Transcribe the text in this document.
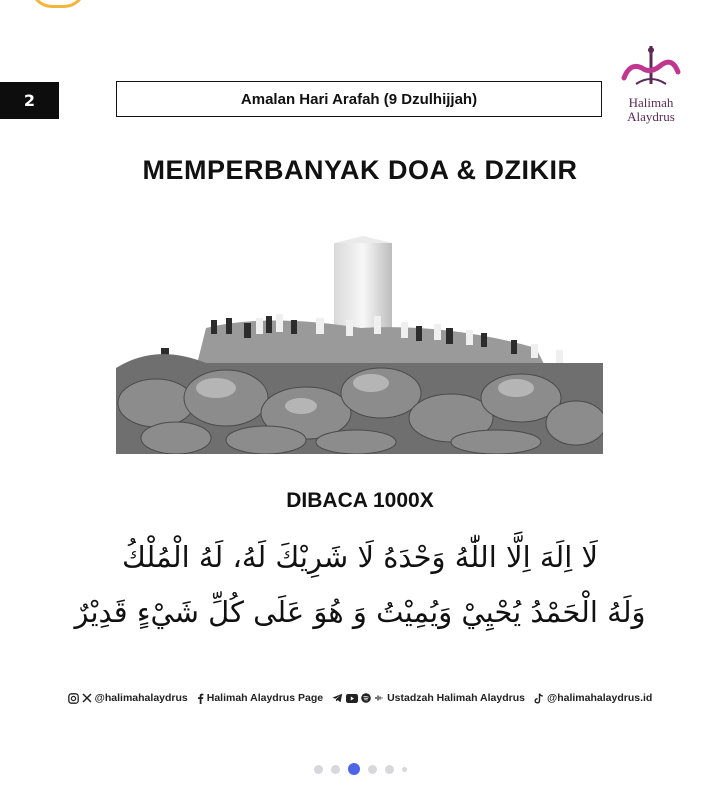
2	Amalan Hari Arafah (9 Dzulhijjah)	Halimah
Alaydrus
MEMPERBANYAK DOA & DZIKIR
DIBACA 1000X
لَا اِلَهَ اِلَّا اللّٰهُ وَحْدَهُ لَا شَرِيْكَ لَهُ، لَهُ الْمُلْكُ
وَلَهُ الْحَمْدُ يُحْيِيْ وَيُمِيْتُ وَ هُوَ عَلَى كُلِّ شَيْءٍ قَدِيْرٌ
@halimahalaydrus Halimah Alaydrus Page	Ustadzah Halimah Alaydrus @halimahalaydrus.id
